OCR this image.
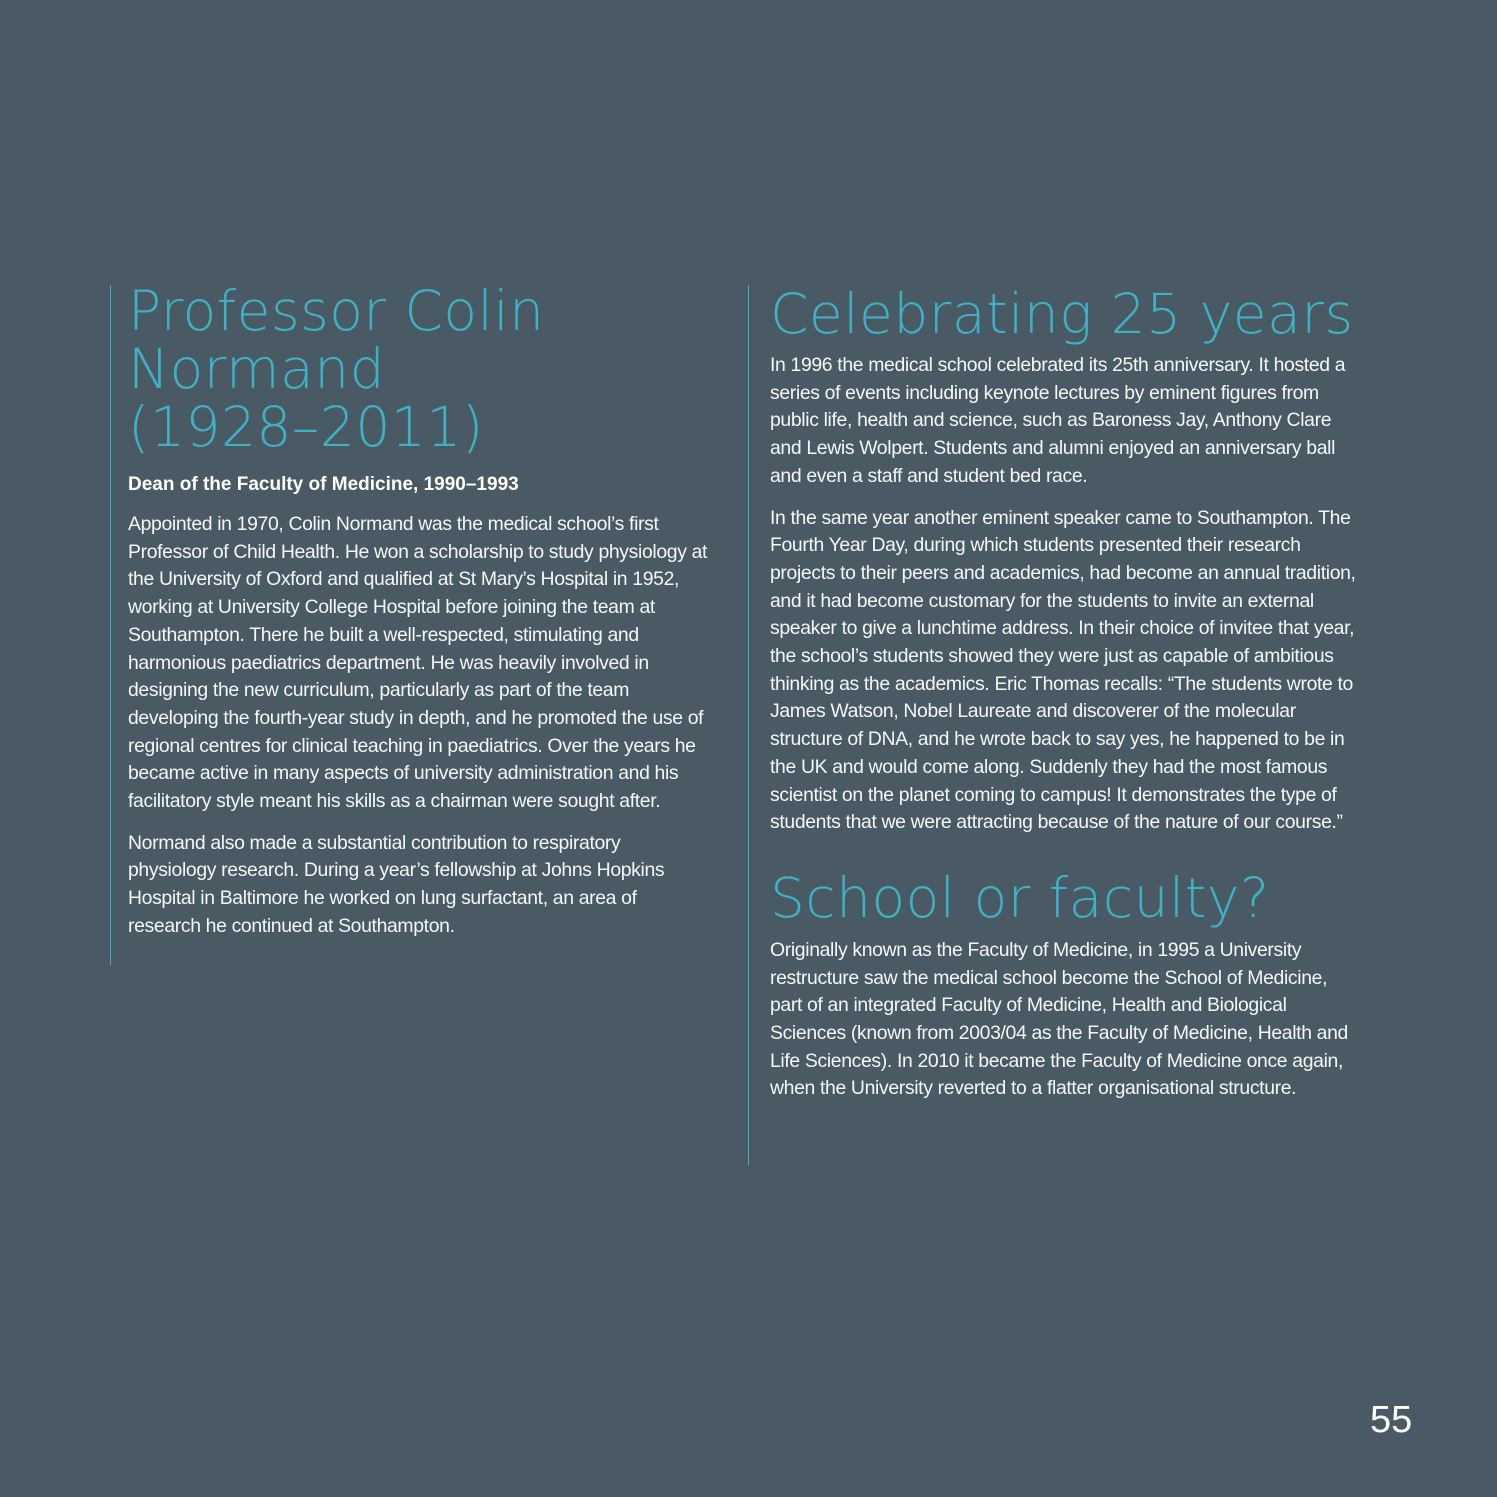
Professor Colin
Normand
(1928–2011)

Dean of the Faculty of Medicine, 1990–1993

Appointed in 1970, Colin Normand was the medical school’s first Professor of Child Health. He won a scholarship to study physiology at the University of Oxford and qualified at St Mary’s Hospital in 1952, working at University College Hospital before joining the team at Southampton. There he built a well-respected, stimulating and harmonious paediatrics department. He was heavily involved in designing the new curriculum, particularly as part of the team developing the fourth-year study in depth, and he promoted the use of regional centres for clinical teaching in paediatrics. Over the years he became active in many aspects of university administration and his facilitatory style meant his skills as a chairman were sought after.

Normand also made a substantial contribution to respiratory physiology research. During a year’s fellowship at Johns Hopkins Hospital in Baltimore he worked on lung surfactant, an area of research he continued at Southampton.

Celebrating 25 years

In 1996 the medical school celebrated its 25th anniversary. It hosted a series of events including keynote lectures by eminent figures from public life, health and science, such as Baroness Jay, Anthony Clare and Lewis Wolpert. Students and alumni enjoyed an anniversary ball and even a staff and student bed race.

In the same year another eminent speaker came to Southampton. The Fourth Year Day, during which students presented their research projects to their peers and academics, had become an annual tradition, and it had become customary for the students to invite an external speaker to give a lunchtime address. In their choice of invitee that year, the school’s students showed they were just as capable of ambitious thinking as the academics. Eric Thomas recalls: “The students wrote to James Watson, Nobel Laureate and discoverer of the molecular structure of DNA, and he wrote back to say yes, he happened to be in the UK and would come along. Suddenly they had the most famous scientist on the planet coming to campus! It demonstrates the type of students that we were attracting because of the nature of our course.”

School or faculty?

Originally known as the Faculty of Medicine, in 1995 a University restructure saw the medical school become the School of Medicine, part of an integrated Faculty of Medicine, Health and Biological Sciences (known from 2003/04 as the Faculty of Medicine, Health and Life Sciences). In 2010 it became the Faculty of Medicine once again, when the University reverted to a flatter organisational structure.

55
